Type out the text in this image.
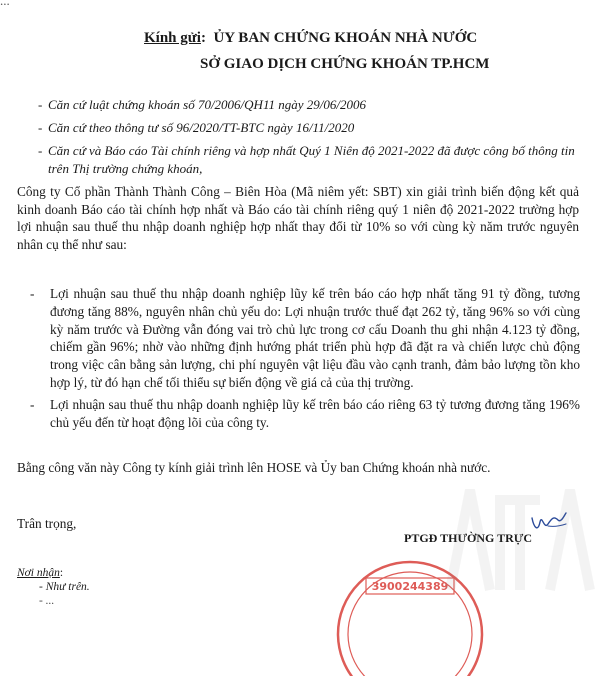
...
Kính gửi: ỦY BAN CHỨNG KHOÁN NHÀ NƯỚC
SỞ GIAO DỊCH CHỨNG KHOÁN TP.HCM
- Căn cứ luật chứng khoán số 70/2006/QH11 ngày 29/06/2006
- Căn cứ theo thông tư số 96/2020/TT-BTC ngày 16/11/2020
- Căn cứ và Báo cáo Tài chính riêng và hợp nhất Quý 1 Niên độ 2021-2022 đã được công bố thông tin trên Thị trường chứng khoán,
Công ty Cổ phần Thành Thành Công – Biên Hòa (Mã niêm yết: SBT) xin giải trình biến động kết quả kinh doanh Báo cáo tài chính hợp nhất và Báo cáo tài chính riêng quý 1 niên độ 2021-2022 trường hợp lợi nhuận sau thuế thu nhập doanh nghiệp hợp nhất thay đổi từ 10% so với cùng kỳ năm trước nguyên nhân cụ thể như sau:
-	Lợi nhuận sau thuế thu nhập doanh nghiệp lũy kế trên báo cáo hợp nhất tăng 91 tỷ đồng, tương đương tăng 88%, nguyên nhân chủ yếu do: Lợi nhuận trước thuế đạt 262 tỷ, tăng 96% so với cùng kỳ năm trước và Đường vẫn đóng vai trò chủ lực trong cơ cấu Doanh thu ghi nhận 4.123 tỷ đồng, chiếm gần 96%; nhờ vào những định hướng phát triển phù hợp đã đặt ra và chiến lược chủ động trong việc cân bằng sản lượng, chi phí nguyên vật liệu đầu vào cạnh tranh, đảm bảo lượng tồn kho hợp lý, từ đó hạn chế tối thiểu sự biến động về giá cả của thị trường.
-	Lợi nhuận sau thuế thu nhập doanh nghiệp lũy kế trên báo cáo riêng 63 tỷ tương đương tăng 196% chủ yếu đến từ hoạt động lõi của công ty.
Bằng công văn này Công ty kính giải trình lên HOSE và Ủy ban Chứng khoán nhà nước.
Trân trọng,
PTGĐ THƯỜNG TRỰC
Nơi nhận:
- Như trên.
- ...
3900244389
